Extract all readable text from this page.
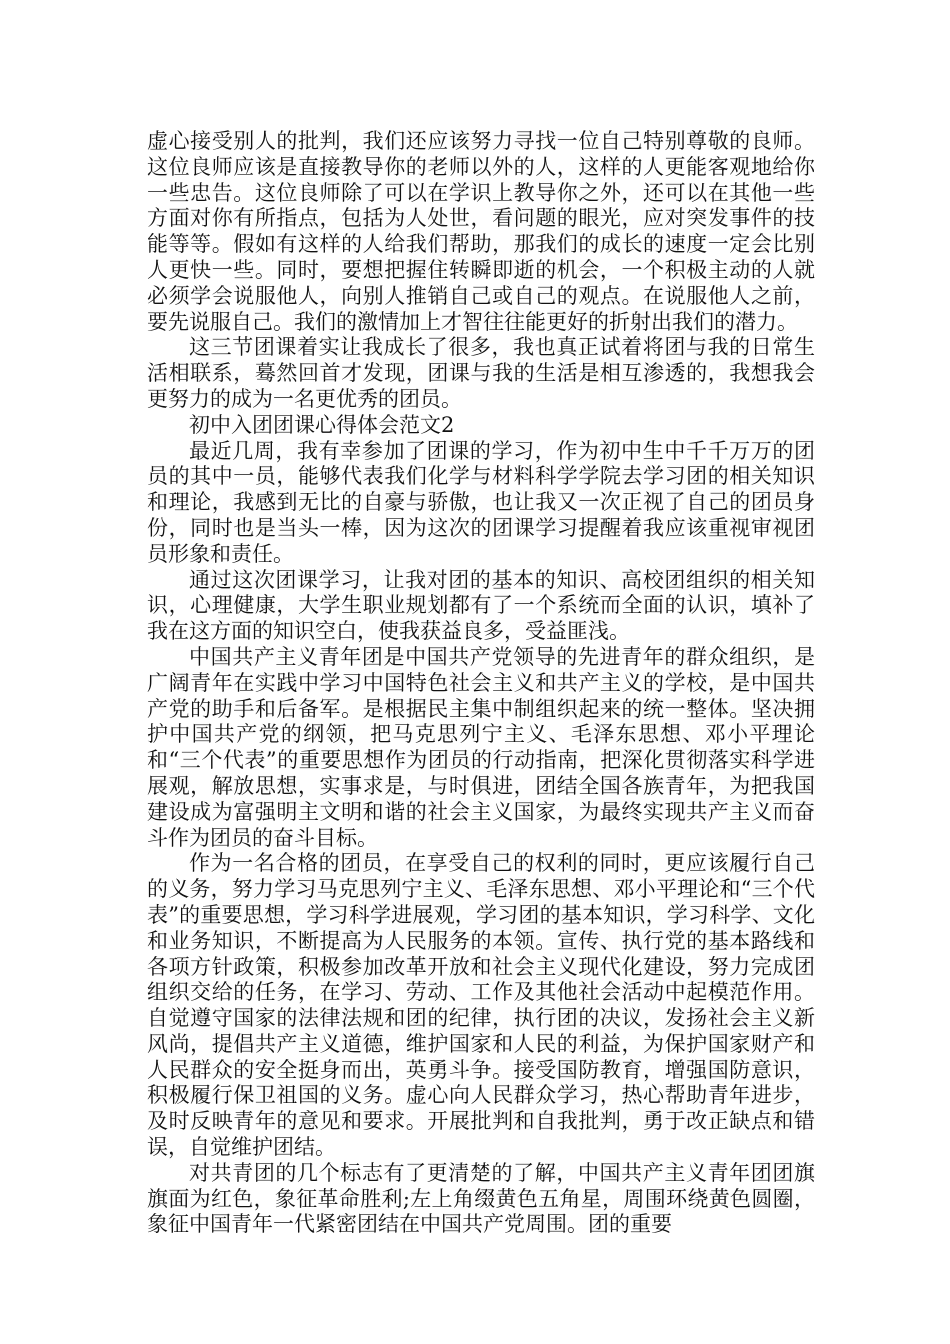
虚心接受别人的批判，我们还应该努力寻找一位自己特别尊敬的良师。这位良师应该是直接教导你的老师以外的人，这样的人更能客观地给你一些忠告。这位良师除了可以在学识上教导你之外，还可以在其他一些方面对你有所指点，包括为人处世，看问题的眼光，应对突发事件的技能等等。假如有这样的人给我们帮助，那我们的成长的速度一定会比别人更快一些。同时，要想把握住转瞬即逝的机会，一个积极主动的人就必须学会说服他人，向别人推销自己或自己的观点。在说服他人之前，要先说服自己。我们的激情加上才智往往能更好的折射出我们的潜力。

这三节团课着实让我成长了很多，我也真正试着将团与我的日常生活相联系，蓦然回首才发现，团课与我的生活是相互渗透的，我想我会更努力的成为一名更优秀的团员。

初中入团团课心得体会范文2

最近几周，我有幸参加了团课的学习，作为初中生中千千万万的团员的其中一员，能够代表我们化学与材料科学学院去学习团的相关知识和理论，我感到无比的自豪与骄傲，也让我又一次正视了自己的团员身份，同时也是当头一棒，因为这次的团课学习提醒着我应该重视审视团员形象和责任。

通过这次团课学习，让我对团的基本的知识、高校团组织的相关知识，心理健康，大学生职业规划都有了一个系统而全面的认识，填补了我在这方面的知识空白，使我获益良多，受益匪浅。

中国共产主义青年团是中国共产党领导的先进青年的群众组织，是广阔青年在实践中学习中国特色社会主义和共产主义的学校，是中国共产党的助手和后备军。是根据民主集中制组织起来的统一整体。坚决拥护中国共产党的纲领，把马克思列宁主义、毛泽东思想、邓小平理论和“三个代表”的重要思想作为团员的行动指南，把深化贯彻落实科学进展观，解放思想，实事求是，与时俱进，团结全国各族青年，为把我国建设成为富强明主文明和谐的社会主义国家，为最终实现共产主义而奋斗作为团员的奋斗目标。

作为一名合格的团员，在享受自己的权利的同时，更应该履行自己的义务，努力学习马克思列宁主义、毛泽东思想、邓小平理论和“三个代表”的重要思想，学习科学进展观，学习团的基本知识，学习科学、文化和业务知识，不断提高为人民服务的本领。宣传、执行党的基本路线和各项方针政策，积极参加改革开放和社会主义现代化建设，努力完成团组织交给的任务，在学习、劳动、工作及其他社会活动中起模范作用。自觉遵守国家的法律法规和团的纪律，执行团的决议，发扬社会主义新风尚，提倡共产主义道德，维护国家和人民的利益，为保护国家财产和人民群众的安全挺身而出，英勇斗争。接受国防教育，增强国防意识，积极履行保卫祖国的义务。虚心向人民群众学习，热心帮助青年进步，及时反映青年的意见和要求。开展批判和自我批判，勇于改正缺点和错误，自觉维护团结。

对共青团的几个标志有了更清楚的了解，中国共产主义青年团团旗旗面为红色，象征革命胜利;左上角缀黄色五角星，周围环绕黄色圆圈，象征中国青年一代紧密团结在中国共产党周围。团的重要
